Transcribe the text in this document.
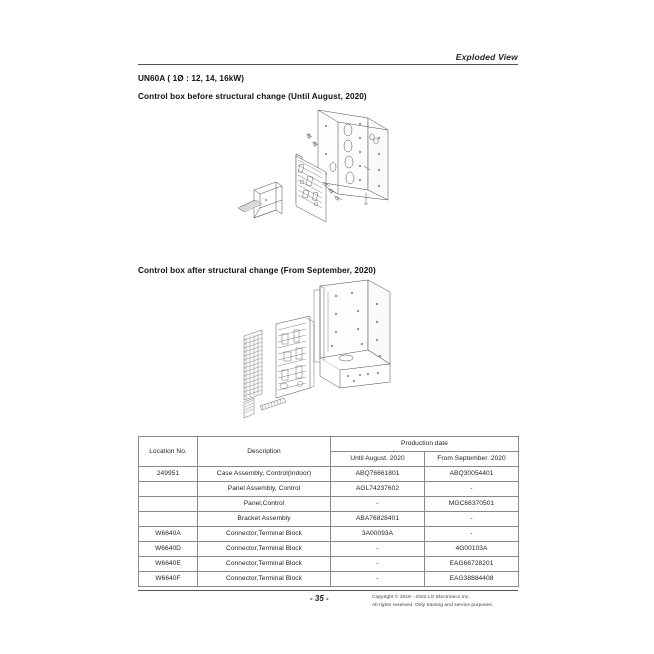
Exploded View
UN60A ( 1Ø : 12, 14, 16kW)
Control box before structural change (Until August, 2020)
Control box after structural change (From September, 2020)
Location No.	Description	Production date	
		Until August. 2020	From September. 2020
249951	Case Assembly, Control(Indoor)	ABQ76661801	ABQ30054401
	Panel Assembly, Control	AGL74237602	-
	Panel,Control	-	MGC66370501
	Bracket Assembly	ABA76828401	-
W6640A	Connector,Terminal Block	3A00093A	-
W6640D	Connector,Terminal Block	-	4G00103A
W6640E	Connector,Terminal Block	-	EAG66728201
W6640F	Connector,Terminal Block	-	EAG38884408
- 35 -	Copyright © 2018 - 2022 LG Electronics Inc.
All rights reserved. Only training and service purposes.
